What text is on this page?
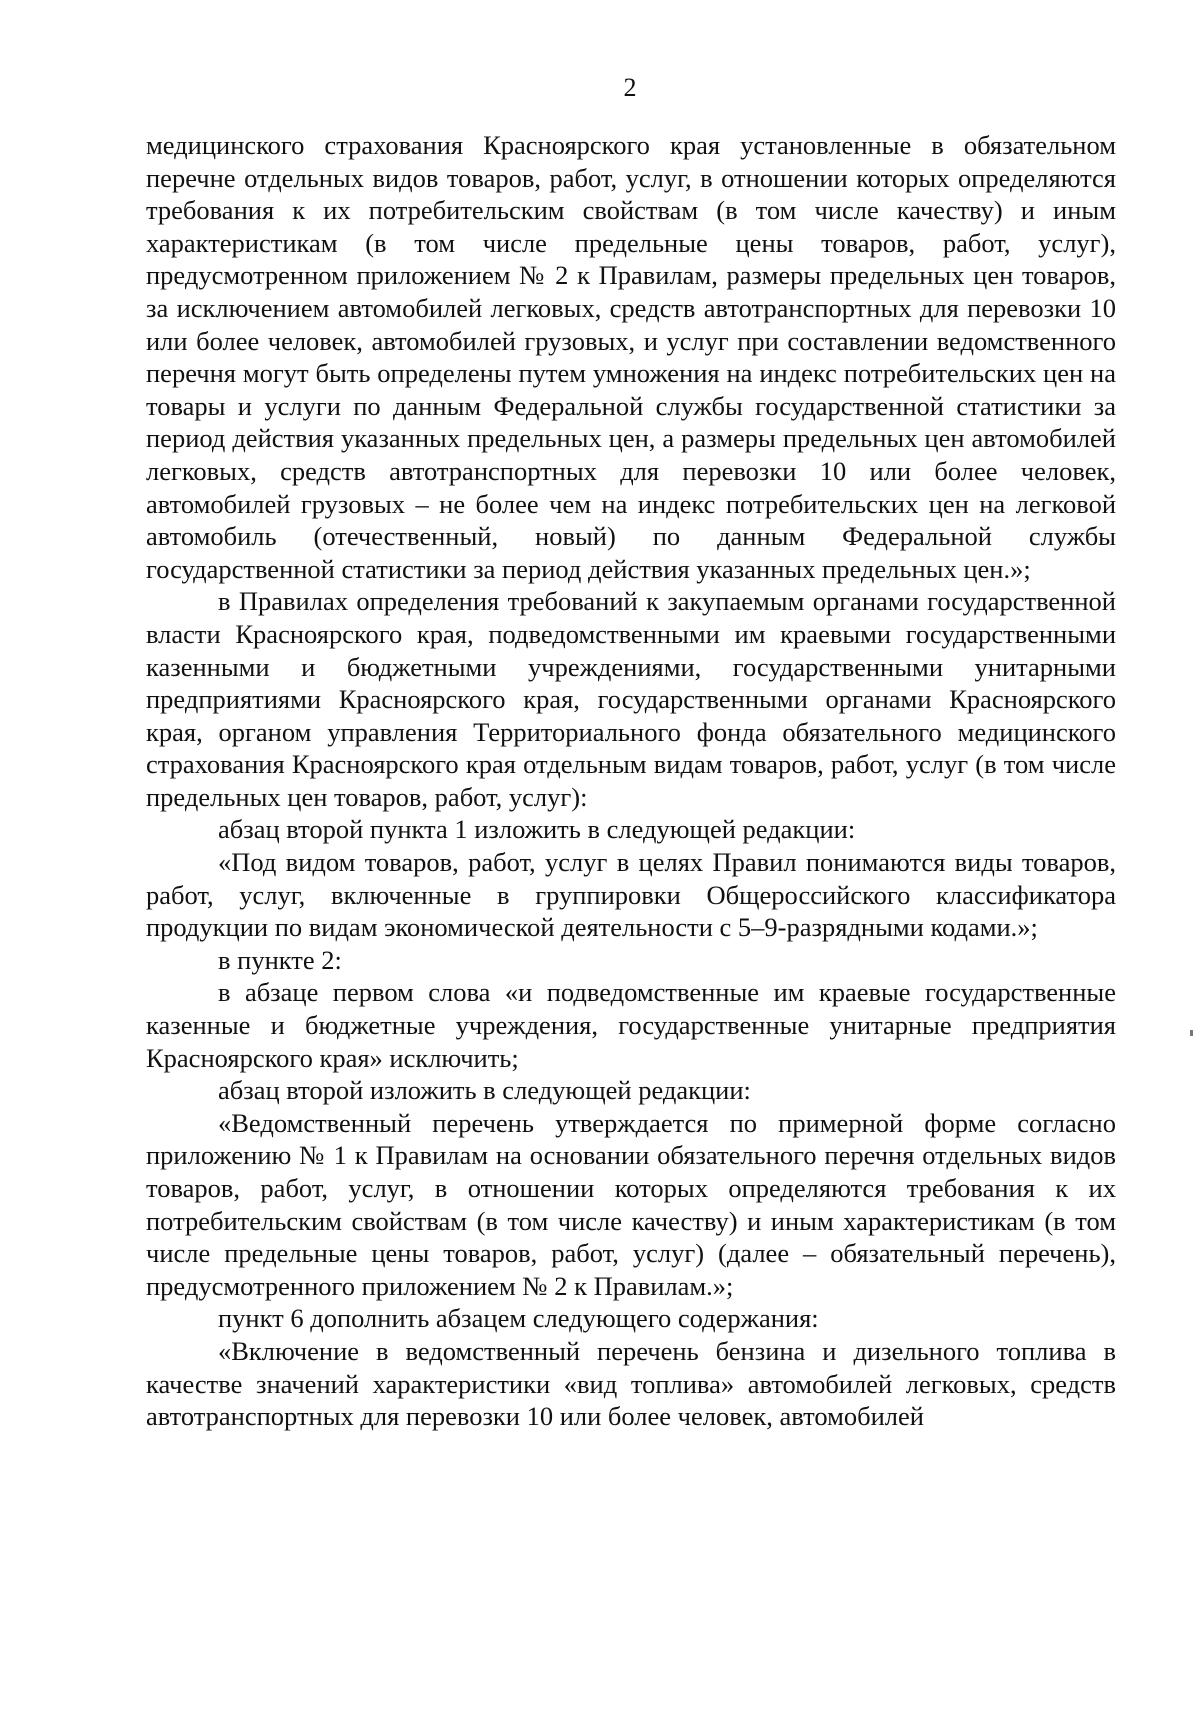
2

медицинского страхования Красноярского края установленные в обязательном перечне отдельных видов товаров, работ, услуг, в отношении которых определяются требования к их потребительским свойствам (в том числе качеству) и иным характеристикам (в том числе предельные цены товаров, работ, услуг), предусмотренном приложением № 2 к Правилам, размеры предельных цен товаров, за исключением автомобилей легковых, средств автотранспортных для перевозки 10 или более человек, автомобилей грузовых, и услуг при составлении ведомственного перечня могут быть определены путем умножения на индекс потребительских цен на товары и услуги по данным Федеральной службы государственной статистики за период действия указанных предельных цен, а размеры предельных цен автомобилей легковых, средств автотранспортных для перевозки 10 или более человек, автомобилей грузовых – не более чем на индекс потребительских цен на легковой автомобиль (отечественный, новый) по данным Федеральной службы государственной статистики за период действия указанных предельных цен.»;

в Правилах определения требований к закупаемым органами государственной власти Красноярского края, подведомственными им краевыми государственными казенными и бюджетными учреждениями, государственными унитарными предприятиями Красноярского края, государственными органами Красноярского края, органом управления Территориального фонда обязательного медицинского страхования Красноярского края отдельным видам товаров, работ, услуг (в том числе предельных цен товаров, работ, услуг):

абзац второй пункта 1 изложить в следующей редакции:

«Под видом товаров, работ, услуг в целях Правил понимаются виды товаров, работ, услуг, включенные в группировки Общероссийского классификатора продукции по видам экономической деятельности с 5–9-разрядными кодами.»;

в пункте 2:

в абзаце первом слова «и подведомственные им краевые государственные казенные и бюджетные учреждения, государственные унитарные предприятия Красноярского края» исключить;

абзац второй изложить в следующей редакции:

«Ведомственный перечень утверждается по примерной форме согласно приложению № 1 к Правилам на основании обязательного перечня отдельных видов товаров, работ, услуг, в отношении которых определяются требования к их потребительским свойствам (в том числе качеству) и иным характеристикам (в том числе предельные цены товаров, работ, услуг) (далее – обязательный перечень), предусмотренного приложением № 2 к Правилам.»;

пункт 6 дополнить абзацем следующего содержания:

«Включение в ведомственный перечень бензина и дизельного топлива в качестве значений характеристики «вид топлива» автомобилей легковых, средств автотранспортных для перевозки 10 или более человек, автомобилей
